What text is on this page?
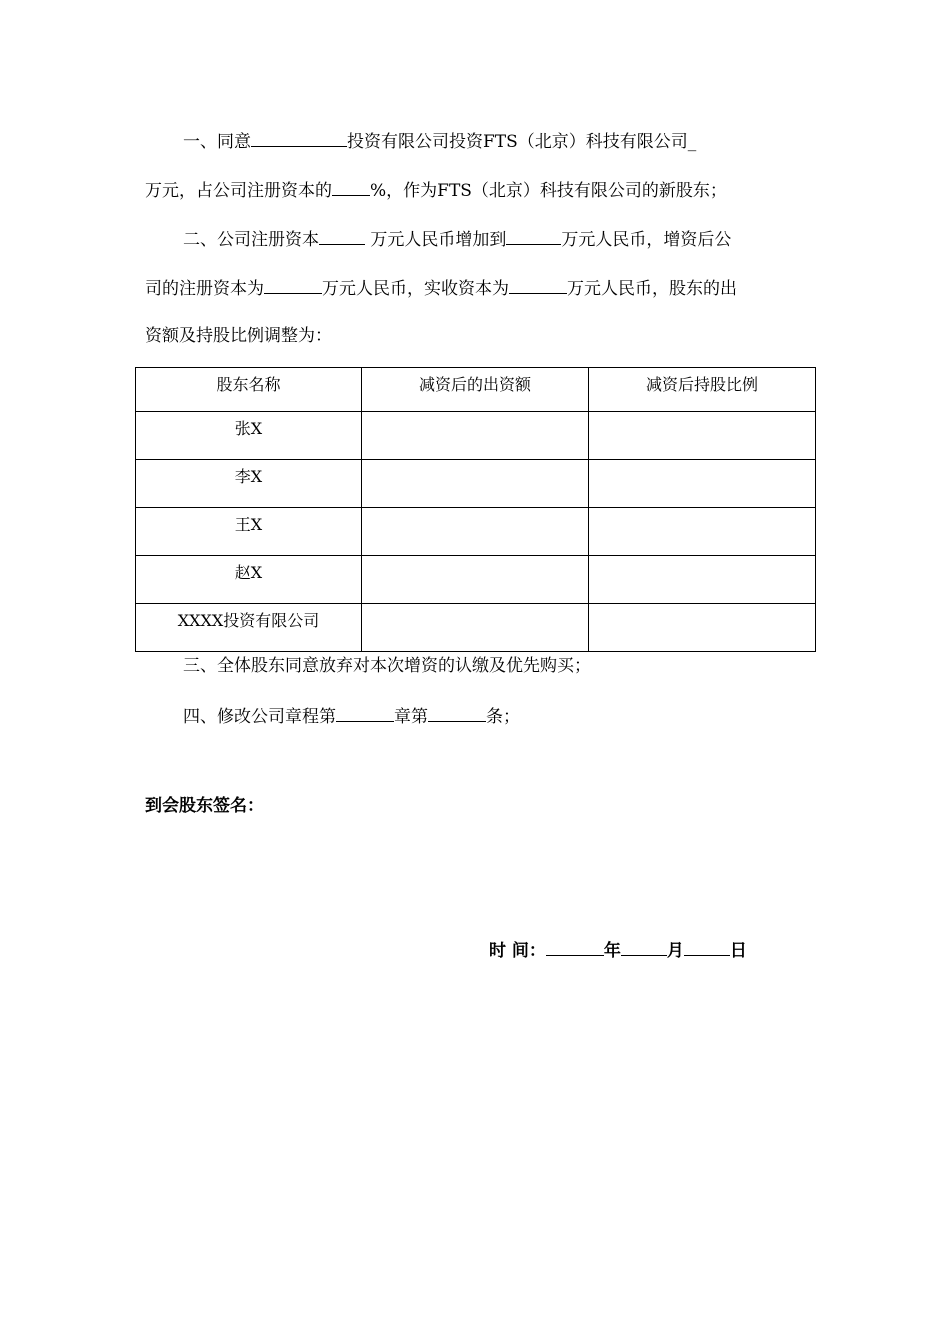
一、同意	投资有限公司投资FTS（北京）科技有限公司_
万元，占公司注册资本的 %，作为FTS（北京）科技有限公司的新股东；
二、公司注册资本	万元人民币增加到	万元人民币，增资后公
司的注册资本为	万元人民币，实收资本为	万元人民币，股东的出
资额及持股比例调整为：
股东名称	减资后的出资额	减资后持股比例
张X		
李X		
王X		
赵X		
XXXX投资有限公司		
三、全体股东同意放弃对本次增资的认缴及优先购买；
四、修改公司章程第	章第	条；
到会股东签名：
时 间：	年	月	日
